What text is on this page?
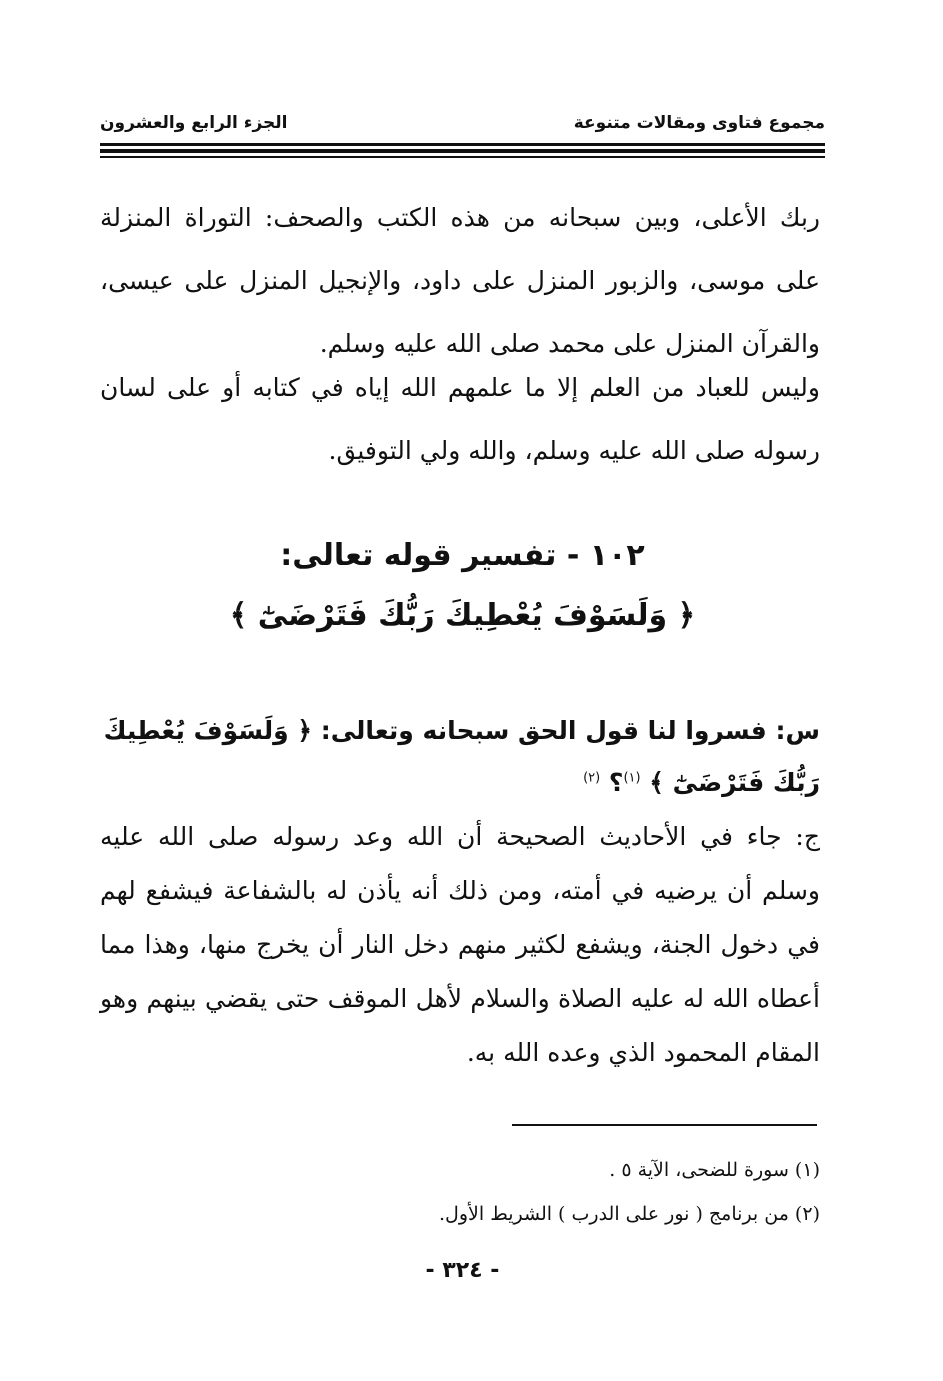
مجموع فتاوى ومقالات متنوعة
الجزء الرابع والعشرون

ربك الأعلى، وبين سبحانه من هذه الكتب والصحف: التوراة المنزلة على موسى، والزبور المنزل على داود، والإنجيل المنزل على عيسى، والقرآن المنزل على محمد صلى الله عليه وسلم.

وليس للعباد من العلم إلا ما علمهم الله إياه في كتابه أو على لسان رسوله صلى الله عليه وسلم، والله ولي التوفيق.

١٠٢ - تفسير قوله تعالى:
﴿ وَلَسَوْفَ يُعْطِيكَ رَبُّكَ فَتَرْضَىٰٓ ﴾

س: فسروا لنا قول الحق سبحانه وتعالى: ﴿ وَلَسَوْفَ يُعْطِيكَ رَبُّكَ فَتَرْضَىٰٓ ﴾ $^{(١)}$؟ $^{(٢)}$

ج: جاء في الأحاديث الصحيحة أن الله وعد رسوله صلى الله عليه وسلم أن يرضيه في أمته، ومن ذلك أنه يأذن له بالشفاعة فيشفع لهم في دخول الجنة، ويشفع لكثير منهم دخل النار أن يخرج منها، وهذا مما أعطاه الله له عليه الصلاة والسلام لأهل الموقف حتى يقضي بينهم وهو المقام المحمود الذي وعده الله به.

(١) سورة للضحى، الآية ٥ .
(٢) من برنامج ( نور على الدرب ) الشريط الأول.
- ٣٢٤ -
